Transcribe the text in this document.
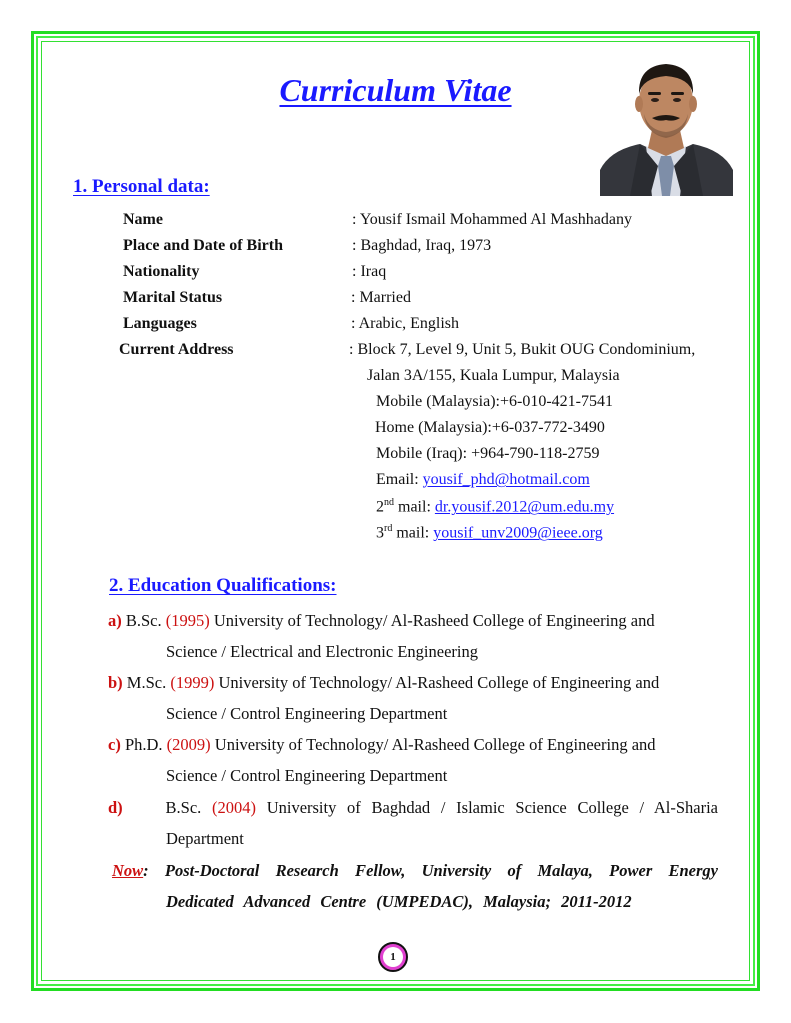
Curriculum Vitae
1. Personal data:
Name	: Yousif Ismail Mohammed Al Mashhadany
Place and Date of Birth	: Baghdad, Iraq, 1973
Nationality	: Iraq
Marital Status	: Married
Languages	: Arabic, English
Current Address	: Block 7, Level 9, Unit 5, Bukit OUG Condominium,
Jalan 3A/155, Kuala Lumpur, Malaysia
Mobile (Malaysia):+6-010-421-7541
Home (Malaysia):+6-037-772-3490
Mobile (Iraq): +964-790-118-2759
Email: yousif_phd@hotmail.com
2nd mail: dr.yousif.2012@um.edu.my
3rd mail: yousif_unv2009@ieee.org
2. Education Qualifications:
a) B.Sc. (1995) University of Technology/ Al-Rasheed College of Engineering and
Science / Electrical and Electronic Engineering
b) M.Sc. (1999) University of Technology/ Al-Rasheed College of Engineering and
Science / Control Engineering Department
c) Ph.D. (2009) University of Technology/ Al-Rasheed College of Engineering and
Science / Control Engineering Department
d)	B.Sc. (2004) University of Baghdad / Islamic Science College / Al-Sharia
Department
Now: Post-Doctoral Research Fellow, University of Malaya, Power Energy
Dedicated Advanced Centre (UMPEDAC), Malaysia; 2011-2012
1
